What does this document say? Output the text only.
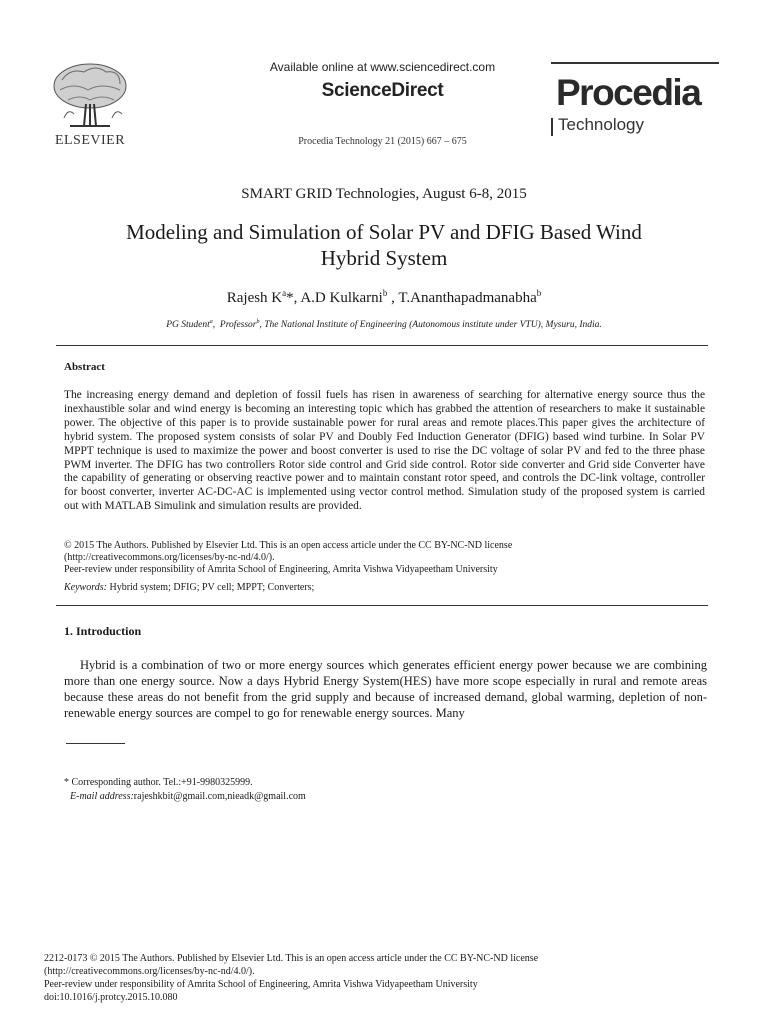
ELSEVIER
Available online at www.sciencedirect.com
ScienceDirect
Procedia Technology 21 (2015) 667 – 675
Procedia
Technology
SMART GRID Technologies, August 6-8, 2015
Modeling and Simulation of Solar PV and DFIG Based Wind
Hybrid System
Rajesh $K^a*$, A.D Kulkarni$^b$ , T.Ananthapadmanabha$^b$
PG Student$^a$,  Professor$^b$, The National Institute of Engineering (Autonomous institute under VTU), Mysuru, India.
Abstract
The increasing energy demand and depletion of fossil fuels has risen in awareness of searching for alternative energy source thus the inexhaustible solar and wind energy is becoming an interesting topic which has grabbed the attention of researchers to make it sustainable power. The objective of this paper is to provide sustainable power for rural areas and remote places.This paper gives the architecture of hybrid system. The proposed system consists of solar PV and Doubly Fed Induction Generator (DFIG) based wind turbine. In Solar PV MPPT technique is used to maximize the power and boost converter is used to rise the DC voltage of solar PV and fed to the three phase PWM inverter. The DFIG has two controllers Rotor side control and Grid side control. Rotor side converter and Grid side Converter have the capability of generating or observing reactive power and to maintain constant rotor speed, and controls the DC-link voltage, controller for boost converter, inverter AC-DC-AC is implemented using vector control method. Simulation study of the proposed system is carried out with MATLAB Simulink and simulation results are provided.
© 2015 The Authors. Published by Elsevier Ltd. This is an open access article under the CC BY-NC-ND license
(http://creativecommons.org/licenses/by-nc-nd/4.0/).
Peer-review under responsibility of Amrita School of Engineering, Amrita Vishwa Vidyapeetham University
Keywords: Hybrid system; DFIG; PV cell; MPPT; Converters;
1. Introduction
Hybrid is a combination of two or more energy sources which generates efficient energy power because we are combining more than one energy source. Now a days Hybrid Energy System(HES) have more scope especially in rural and remote areas because these areas do not benefit from the grid supply and because of increased demand, global warming, depletion of non-renewable energy sources are compel to go for renewable energy sources. Many
* Corresponding author. Tel.:+91-9980325999.
E-mail address:rajeshkbit@gmail.com,nieadk@gmail.com
2212-0173 © 2015 The Authors. Published by Elsevier Ltd. This is an open access article under the CC BY-NC-ND license
(http://creativecommons.org/licenses/by-nc-nd/4.0/).
Peer-review under responsibility of Amrita School of Engineering, Amrita Vishwa Vidyapeetham University
doi:10.1016/j.protcy.2015.10.080
